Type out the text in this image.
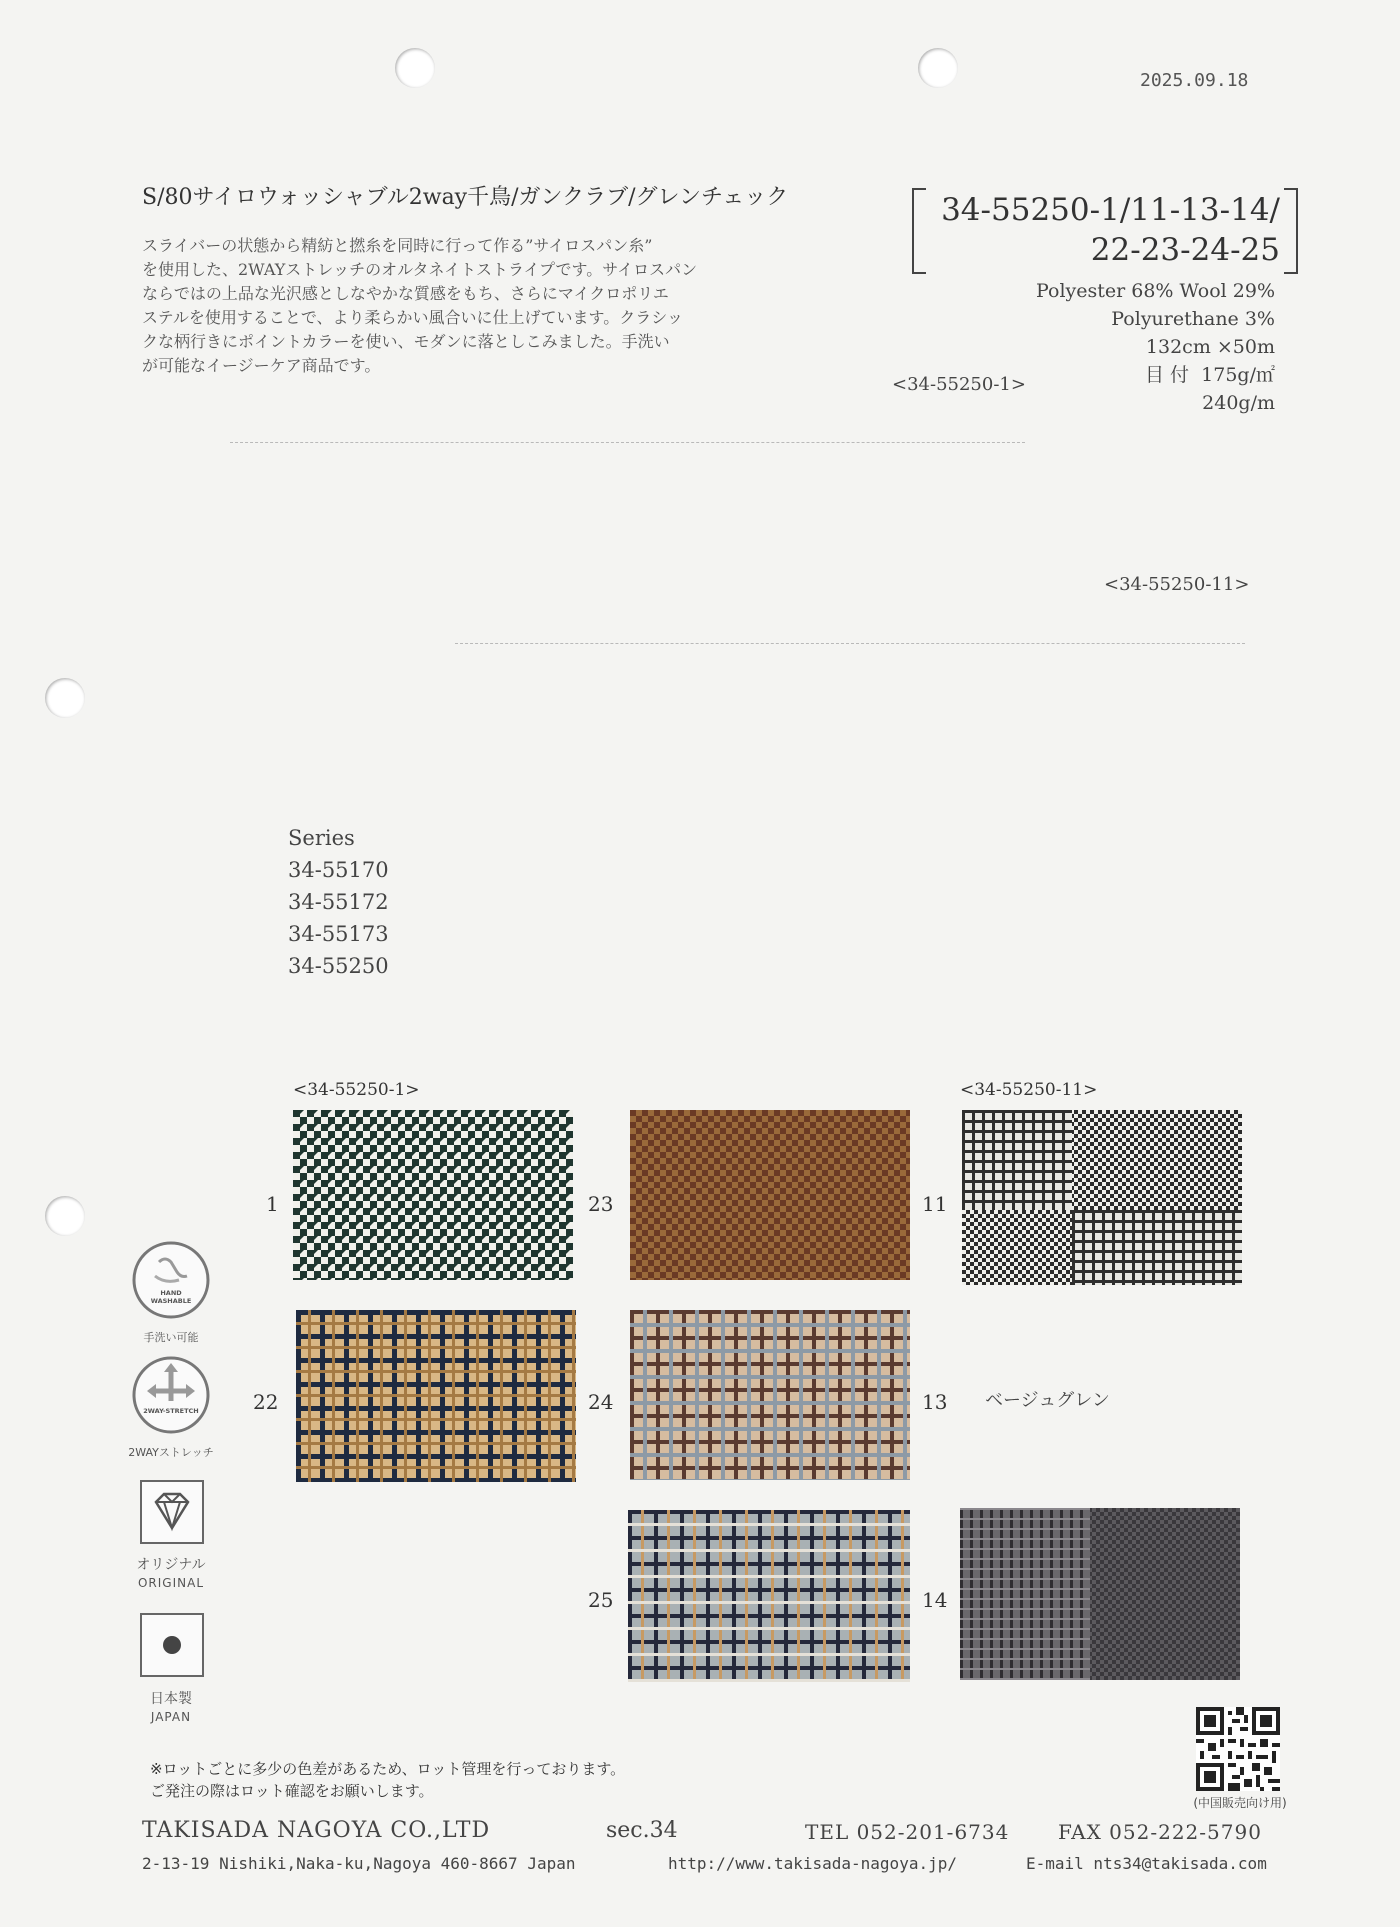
2025.09.18
S/80サイロウォッシャブル2way千鳥/ガンクラブ/グレンチェック
スライバーの状態から精紡と撚糸を同時に行って作る”サイロスパン糸”
を使用した、2WAYストレッチのオルタネイトストライプです。サイロスパン
ならではの上品な光沢感としなやかな質感をもち、さらにマイクロポリエ
ステルを使用することで、より柔らかい風合いに仕上げています。クラシッ
クな柄行きにポイントカラーを使い、モダンに落としこみました。手洗い
が可能なイージーケア商品です。
34-55250-1/11-13-14/
22-23-24-25
Polyester 68% Wool 29%
Polyurethane 3%
132cm ×50m
目 付 175g/㎡
240g/m
<34-55250-1>
<34-55250-11>
Series
34-55170
34-55172
34-55173
34-55250
<34-55250-1>	<34-55250-11>
1
22
23
24
25
11
13 ベージュグレン
14
HAND
WASHABLE
手洗い可能
2WAY-STRETCH
2WAYストレッチ
オリジナル
ORIGINAL
日本製
JAPAN
※ロットごとに多少の色差があるため、ロット管理を行っております。
ご発注の際はロット確認をお願いします。
(中国販売向け用)
TAKISADA NAGOYA CO.,LTD	sec.34	TEL 052-201-6734 FAX 052-222-5790
2-13-19 Nishiki,Naka-ku,Nagoya 460-8667 Japan	http://www.takisada-nagoya.jp/	E-mail nts34@takisada.com
